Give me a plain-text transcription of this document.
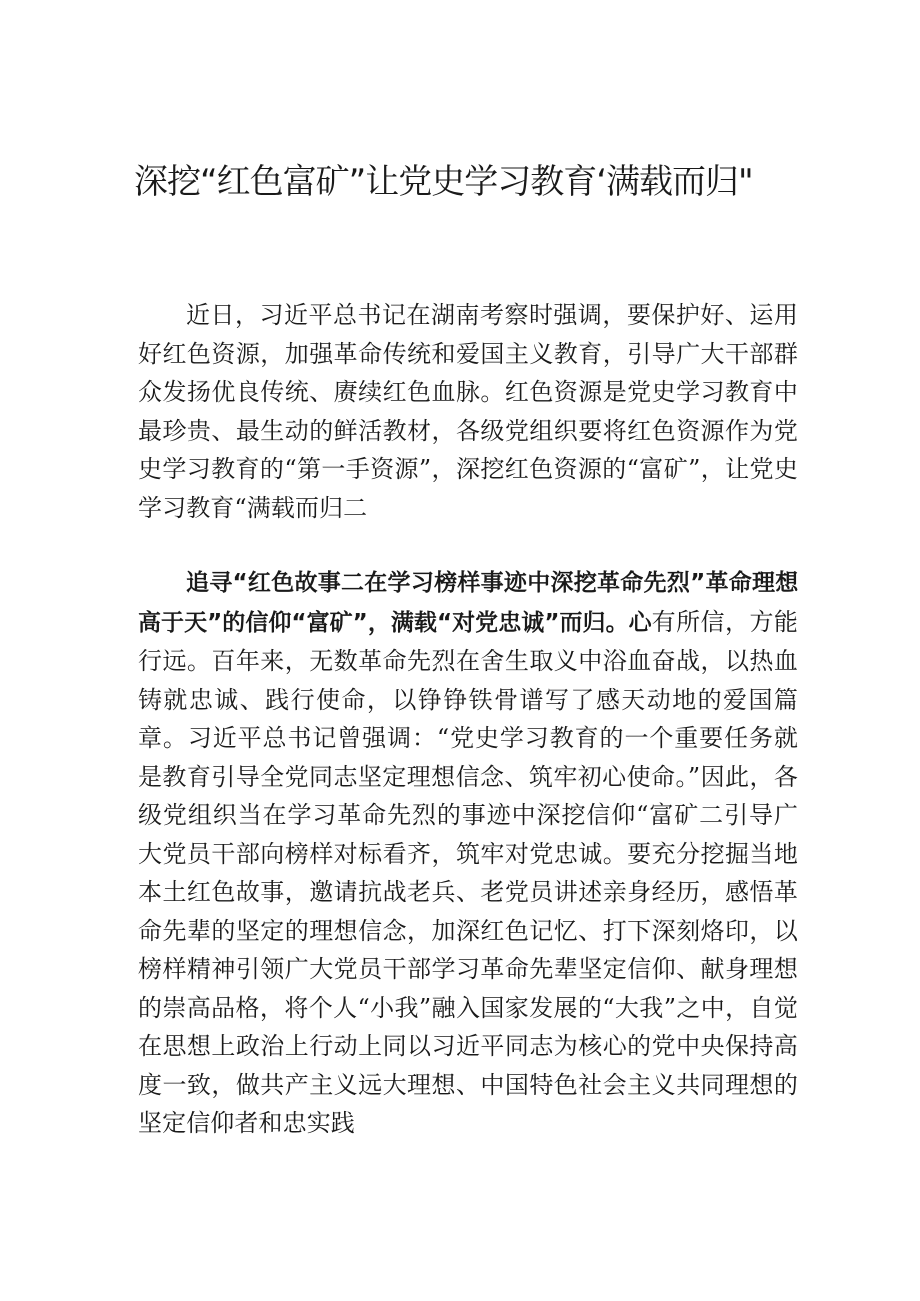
深挖“红色富矿”让党史学习教育‘满载而归"

近日，习近平总书记在湖南考察时强调，要保护好、运用好红色资源，加强革命传统和爱国主义教育，引导广大干部群众发扬优良传统、赓续红色血脉。红色资源是党史学习教育中最珍贵、最生动的鲜活教材，各级党组织要将红色资源作为党史学习教育的“第一手资源”，深挖红色资源的“富矿”，让党史学习教育“满载而归二

追寻“红色故事二在学习榜样事迹中深挖革命先烈”革命理想高于天”的信仰“富矿”，满载“对党忠诚”而归。心有所信，方能行远。百年来，无数革命先烈在舍生取义中浴血奋战，以热血铸就忠诚、践行使命，以铮铮铁骨谱写了感天动地的爱国篇章。习近平总书记曾强调：“党史学习教育的一个重要任务就是教育引导全党同志坚定理想信念、筑牢初心使命。”因此，各级党组织当在学习革命先烈的事迹中深挖信仰“富矿二引导广大党员干部向榜样对标看齐，筑牢对党忠诚。要充分挖掘当地本土红色故事，邀请抗战老兵、老党员讲述亲身经历，感悟革命先辈的坚定的理想信念，加深红色记忆、打下深刻烙印，以榜样精神引领广大党员干部学习革命先辈坚定信仰、献身理想的崇高品格，将个人“小我”融入国家发展的“大我”之中，自觉在思想上政治上行动上同以习近平同志为核心的党中央保持高度一致，做共产主义远大理想、中国特色社会主义共同理想的坚定信仰者和忠实践
